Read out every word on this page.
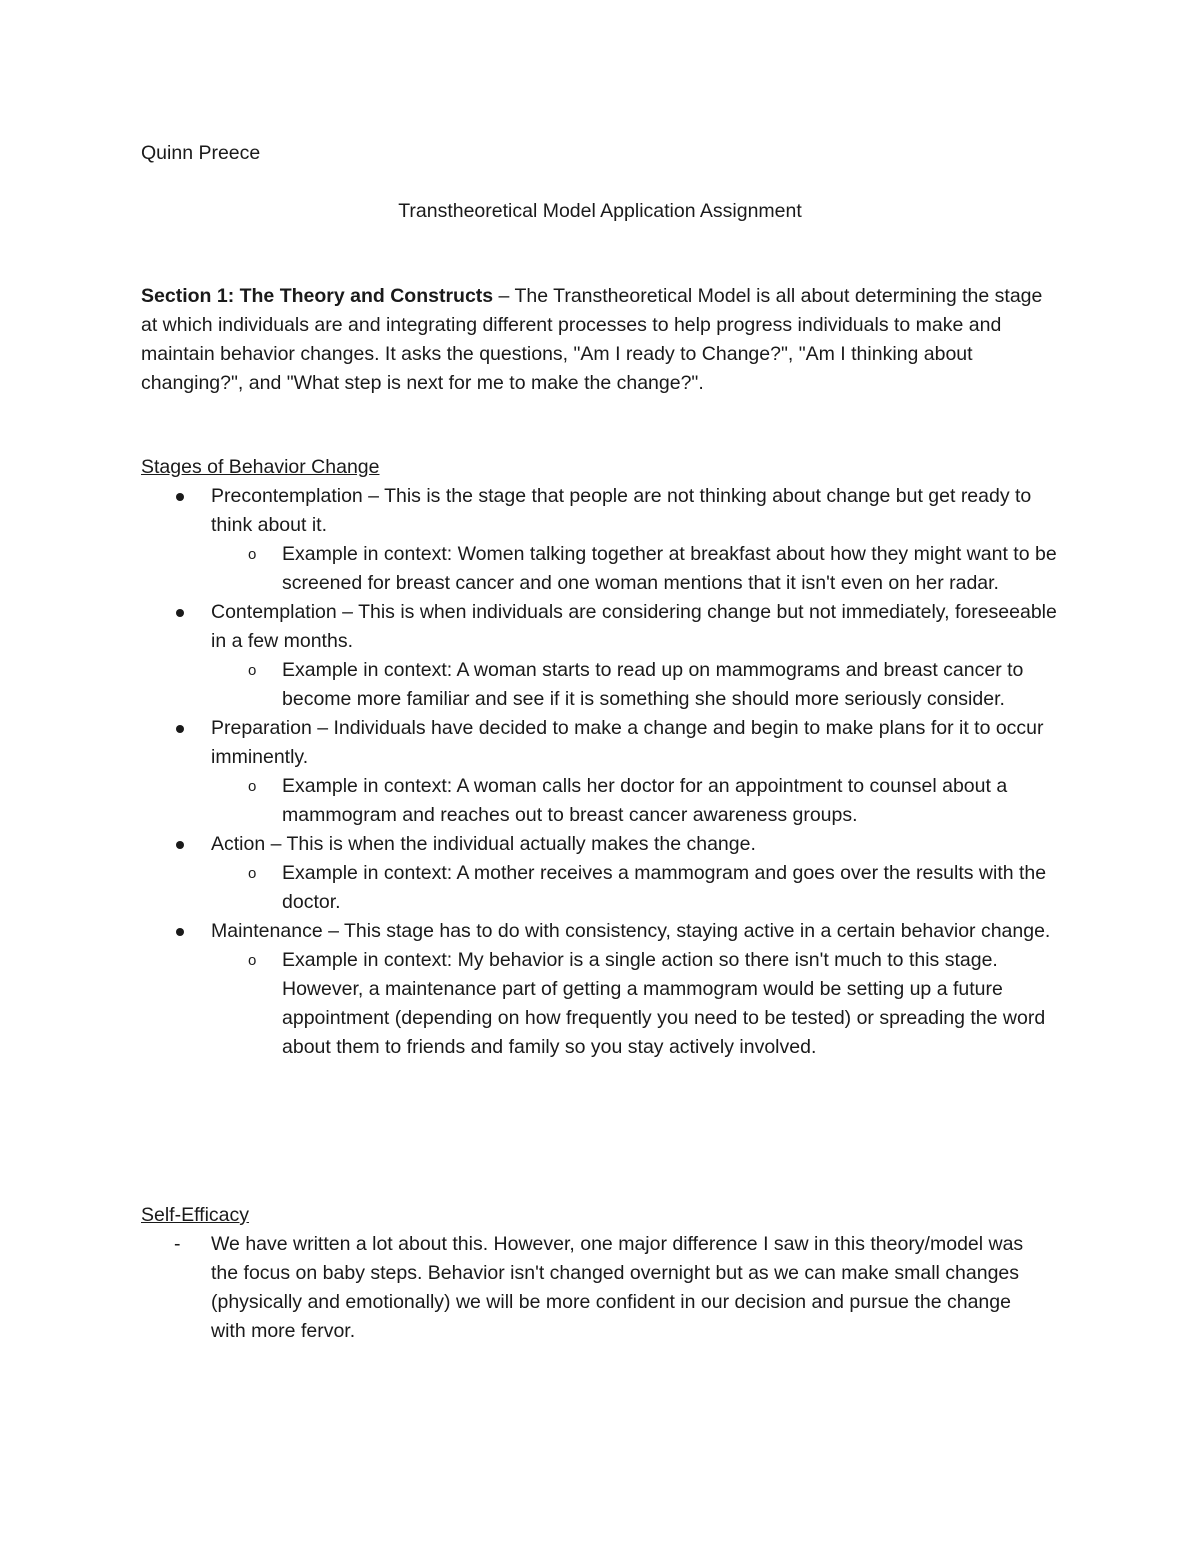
Quinn Preece

Transtheoretical Model Application Assignment

Section 1: The Theory and Constructs – The Transtheoretical Model is all about determining the stage at which individuals are and integrating different processes to help progress individuals to make and maintain behavior changes. It asks the questions, "Am I ready to Change?", "Am I thinking about changing?", and "What step is next for me to make the change?".

Stages of Behavior Change

Precontemplation – This is the stage that people are not thinking about change but get ready to think about it.
o Example in context: Women talking together at breakfast about how they might want to be screened for breast cancer and one woman mentions that it isn't even on her radar.
Contemplation – This is when individuals are considering change but not immediately, foreseeable in a few months.
o Example in context: A woman starts to read up on mammograms and breast cancer to become more familiar and see if it is something she should more seriously consider.
Preparation – Individuals have decided to make a change and begin to make plans for it to occur imminently.
o Example in context: A woman calls her doctor for an appointment to counsel about a mammogram and reaches out to breast cancer awareness groups.
Action – This is when the individual actually makes the change.
o Example in context: A mother receives a mammogram and goes over the results with the doctor.
Maintenance – This stage has to do with consistency, staying active in a certain behavior change.
o Example in context: My behavior is a single action so there isn't much to this stage. However, a maintenance part of getting a mammogram would be setting up a future appointment (depending on how frequently you need to be tested) or spreading the word about them to friends and family so you stay actively involved.

Self-Efficacy

- We have written a lot about this. However, one major difference I saw in this theory/model was the focus on baby steps. Behavior isn't changed overnight but as we can make small changes (physically and emotionally) we will be more confident in our decision and pursue the change with more fervor.
